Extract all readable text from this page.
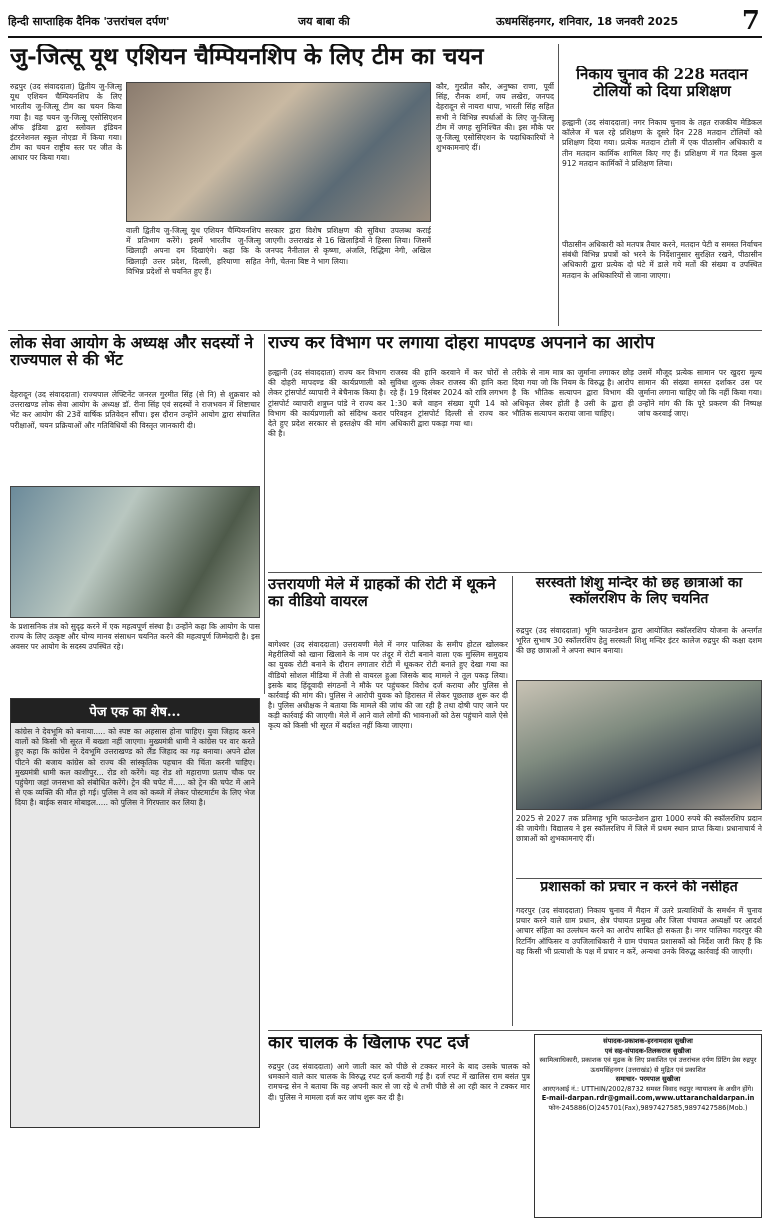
हिन्दी साप्ताहिक दैनिक 'उत्तरांचल दर्पण'	जय बाबा की	ऊधमसिंहनगर, शनिवार, 18 जनवरी 2025 7
जु-जित्सू यूथ एशियन चैम्पियनशिप के लिए टीम का चयन
रुद्रपुर (उद संवाददाता) द्वितीय जु-जित्सू यूथ एशियन चैम्पियनशिप के लिए भारतीय जु-जित्सू टीम का चयन किया गया है। यह चयन जु-जित्सू एसोसिएशन ऑफ इंडिया द्वारा स्लोवल इंडियन इंटरनेशनल स्कूल नोएडा में किया गया। टीम का चयन राष्ट्रीय स्तर पर जीत के आधार पर किया गया।
वाली द्वितीय जु-जित्सू यूथ एशियन चैम्पियनशिप में प्रतिभाग करेंगे। इसमें भारतीय जु-जित्सू खिलाड़ी अपना दम दिखाएंगे। कहा कि के खिलाड़ी उत्तर प्रदेश, दिल्ली, हरियाणा सहित विभिन्न प्रदेशों से चयनित हुए हैं।
सरकार द्वारा विशेष प्रशिक्षण की सुविधा उपलब्ध कराई जाएगी। उत्तराखंड से 16 खिलाड़ियों ने हिस्सा लिया। जिसमें जनपद नैनीताल से कृष्णा, अंजलि, रिद्धिमा नेगी, अखिल नेगी, चेतना बिष्ट ने भाग लिया।
कौर, गुरप्रीत कौर, अनुष्का राणा, पूर्वी सिंह, रौनक शर्मा, जय लखेरा, जनपद देहरादून से नायरा थापा, भारती सिंह सहित सभी ने विभिन्न स्पर्धाओं के लिए जु-जित्सू टीम में जगह सुनिश्चित की। इस मौके पर जु-जित्सू एसोसिएशन के पदाधिकारियों ने शुभकामनाएं दीं।
निकाय चुनाव की 228 मतदान टोलियों को दिया प्रशिक्षण
हल्द्वानी (उद संवाददाता) नगर निकाय चुनाव के तहत राजकीय मेडिकल कॉलेज में चल रहे प्रशिक्षण के दूसरे दिन 228 मतदान टोलियों को प्रशिक्षण दिया गया। प्रत्येक मतदान टोली में एक पीठासीन अधिकारी व तीन मतदान कार्मिक शामिल किए गए हैं। प्रशिक्षण में गत दिवस कुल 912 मतदान कार्मिकों ने प्रशिक्षण लिया।
पीठासीन अधिकारी को मतपत्र तैयार करने, मतदान पेटी व समस्त निर्वाचन संबंधी विभिन्न प्रपत्रों को भरने के निर्देशानुसार सुरक्षित रखने, पीठासीन अधिकारी द्वारा प्रत्येक दो घंटे में डाले गये मतों की संख्या व उपस्थित मतदान के अधिकारियों से जाना जाएगा।
लोक सेवा आयोग के अध्यक्ष और सदस्यों ने राज्यपाल से की भेंट
देहरादून (उद संवाददाता) राज्यपाल लेफ्टिनेंट जनरल गुरमीत सिंह (से नि) से शुक्रवार को उत्तराखण्ड लोक सेवा आयोग के अध्यक्ष डॉ. रीना सिंह एवं सदस्यों ने राजभवन में शिष्टाचार भेंट कर आयोग की 23वें वार्षिक प्रतिवेदन सौंपा। इस दौरान उन्होंने आयोग द्वारा संचालित परीक्षाओं, चयन प्रक्रियाओं और गतिविधियों की विस्तृत जानकारी दी।
के प्रशासनिक तंत्र को सुदृढ़ करने में एक महत्वपूर्ण संस्था है। उन्होंने कहा कि आयोग के पास राज्य के लिए उत्कृष्ट और योग्य मानव संसाधन चयनित करने की महत्वपूर्ण जिम्मेदारी है। इस अवसर पर आयोग के सदस्य उपस्थित रहे।
राज्य कर विभाग पर लगाया दोहरा मापदण्ड अपनाने का आरोप
हल्द्वानी (उद संवाददाता) राज्य कर विभाग की दोहरी मापदण्ड की कार्यप्रणाली को लेकर ट्रांसपोर्ट व्यापारी ने बेचैनाक किया है। ट्रांसपोर्ट व्यापारी शत्रुघ्न पांडे ने राज्य कर विभाग की कार्यप्रणाली को संदिग्ध करार देते हुए प्रदेश सरकार से हस्तक्षेप की मांग की है।
राजस्व की हानि करवाने में कर चोरों से सुविधा शुल्क लेकर राजस्व की हानि करा रहे हैं। 19 दिसंबर 2024 को रात्रि लगभग 1:30 बजे वाहन संख्या यूपी 14 को परिवहन ट्रांसपोर्ट दिल्ली से राज्य कर अधिकारी द्वारा पकड़ा गया था।
तरीके से नाम मात्र का जुर्माना लगाकर छोड़ दिया गया जो कि नियम के विरुद्ध है। आरोप है कि भौतिक सत्यापन द्वारा विभाग की अधिकृत लेबर होती है उसी के द्वारा ही भौतिक सत्यापन कराया जाना चाहिए।
उसमें मौजूद प्रत्येक सामान पर खुदरा मूल्य सामान की संख्या समस्त दर्शाकर उस पर जुर्माना लगाना चाहिए जो कि नहीं किया गया। उन्होंने मांग की कि पूरे प्रकरण की निष्पक्ष जांच करवाई जाए।
उत्तरायणी मेले में ग्राहकों की रोटी में थूकने का वीडियो वायरल
बागेश्वर (उद संवाददाता) उत्तरायणी मेले में नगर पालिका के समीप होटल खोलकर मेहरीलियों को खाना खिलाने के नाम पर तंदूर में रोटी बनाने वाला एक मुस्लिम समुदाय का युवक रोटी बनाने के दौरान लगातार रोटी में थूककर रोटी बनाते हुए देखा गया का वीडियो सोशल मीडिया में तेजी से वायरल हुआ जिसके बाद मामले ने तूल पकड़ लिया। इसके बाद हिंदूवादी संगठनों ने मौके पर पहुंचकर विरोध दर्ज कराया और पुलिस से कार्रवाई की मांग की। पुलिस ने आरोपी युवक को हिरासत में लेकर पूछताछ शुरू कर दी है। पुलिस अधीक्षक ने बताया कि मामले की जांच की जा रही है तथा दोषी पाए जाने पर कड़ी कार्रवाई की जाएगी। मेले में आने वाले लोगों की भावनाओं को ठेस पहुंचाने वाले ऐसे कृत्य को किसी भी सूरत में बर्दाश्त नहीं किया जाएगा।
सरस्वती शिशु मन्दिर की छह छात्राओं का स्कॉलरशिप के लिए चयनित
रुद्रपुर (उद संवाददाता) भूमि फाउन्डेशन द्वारा आयोजित स्कॉलरशिप योजना के अन्तर्गत भूरित सुभाष 30 स्कॉलरशिप हेतु सरस्वती शिशु मन्दिर इंटर कालेज रुद्रपुर की कक्षा दशम की छह छात्राओं ने अपना स्थान बनाया।
2025 से 2027 तक प्रतिमाह भूमि फाउन्डेशन द्वारा 1000 रुपये की स्कॉलरशिप प्रदान की जायेगी। विद्यालय ने इस स्कॉलरशिप में जिले में प्रथम स्थान प्राप्त किया। प्रधानाचार्य ने छात्राओं को शुभकामनाएं दीं।
प्रशासकों को प्रचार न करने की नसीहत
गदरपुर (उद संवाददाता) निकाय चुनाव में मैदान में उतरे प्रत्याशियों के समर्थन में चुनाव प्रचार करने वाले ग्राम प्रधान, क्षेत्र पंचायत प्रमुख और जिला पंचायत अध्यक्षों पर आदर्श आचार संहिता का उल्लंघन करने का आरोप साबित हो सकता है। नगर पालिका गदरपुर की रिटर्निंग ऑफिसर व उपजिलाधिकारी ने ग्राम पंचायत प्रशासकों को निर्देश जारी किए हैं कि वह किसी भी प्रत्याशी के पक्ष में प्रचार न करें, अन्यथा उनके विरुद्ध कार्रवाई की जाएगी।
पेज एक का शेष...
कांग्रेस ने देवभूमि को बनाया..... को स्पष्ट का अहसास होना चाहिए। युवा जिहाद करने वालों को किसी भी सूरत में बख्शा नहीं जाएगा। मुख्यमंत्री धामी ने कांग्रेस पर वार करते हुए कहा कि कांग्रेस ने देवभूमि उत्तराखण्ड को लैंड जिहाद का गढ़ बनाया। अपने ढोल पीटने की बजाय कांग्रेस को राज्य की सांस्कृतिक पहचान की चिंता करनी चाहिए। मुख्यमंत्री धामी कल काशीपुर... रोड शो करेंगे। यह रोड शो महाराणा प्रताप चौक पर पहुंचेगा जहां जनसभा को संबोधित करेंगे। ट्रेन की चपेट में..... को ट्रेन की चपेट में आने से एक व्यक्ति की मौत हो गई। पुलिस ने शव को कब्जे में लेकर पोस्टमार्टम के लिए भेज दिया है। बाईक सवार मोबाइल..... को पुलिस ने गिरफ्तार कर लिया है।
कार चालक के खिलाफ रपट दर्ज
रुद्रपुर (उद संवाददाता) आगे जाती कार को पीछे से टक्कर मारने के बाद उसके चालक को धमकाने वाले कार चालक के विरुद्ध रपट दर्ज करायी गई है। दर्ज रपट में खालिस राम बसंत पुत्र रामचन्द्र सेन ने बताया कि वह अपनी कार से जा रहे थे तभी पीछे से आ रही कार ने टक्कर मार दी। पुलिस ने मामला दर्ज कर जांच शुरू कर दी है।
संपादक-प्रकाशक-हरनामदास सुखीजा
एवं सह-संपादक-तिलकराज सुखीजा
स्वामित्वाधिकारी, प्रकाशक एवं मुद्रक के लिए प्रकाशित एवं उत्तरांचल दर्पण प्रिंटिंग प्रेस रुद्रपुर ऊधमसिंहनगर (उत्तराखंड) से मुद्रित एवं प्रकाशित
समाचार- परमपाल सुखीजा
आरएनआई नं.: UTTHIN/2002/8732 समस्त विवाद रुद्रपुर न्यायालय के अधीन होंगे।
E-mail-darpan.rdr@gmail.com,www.uttaranchaldarpan.in
फोन-245886(O)245701(Fax),9897427585,9897427586(Mob.)
